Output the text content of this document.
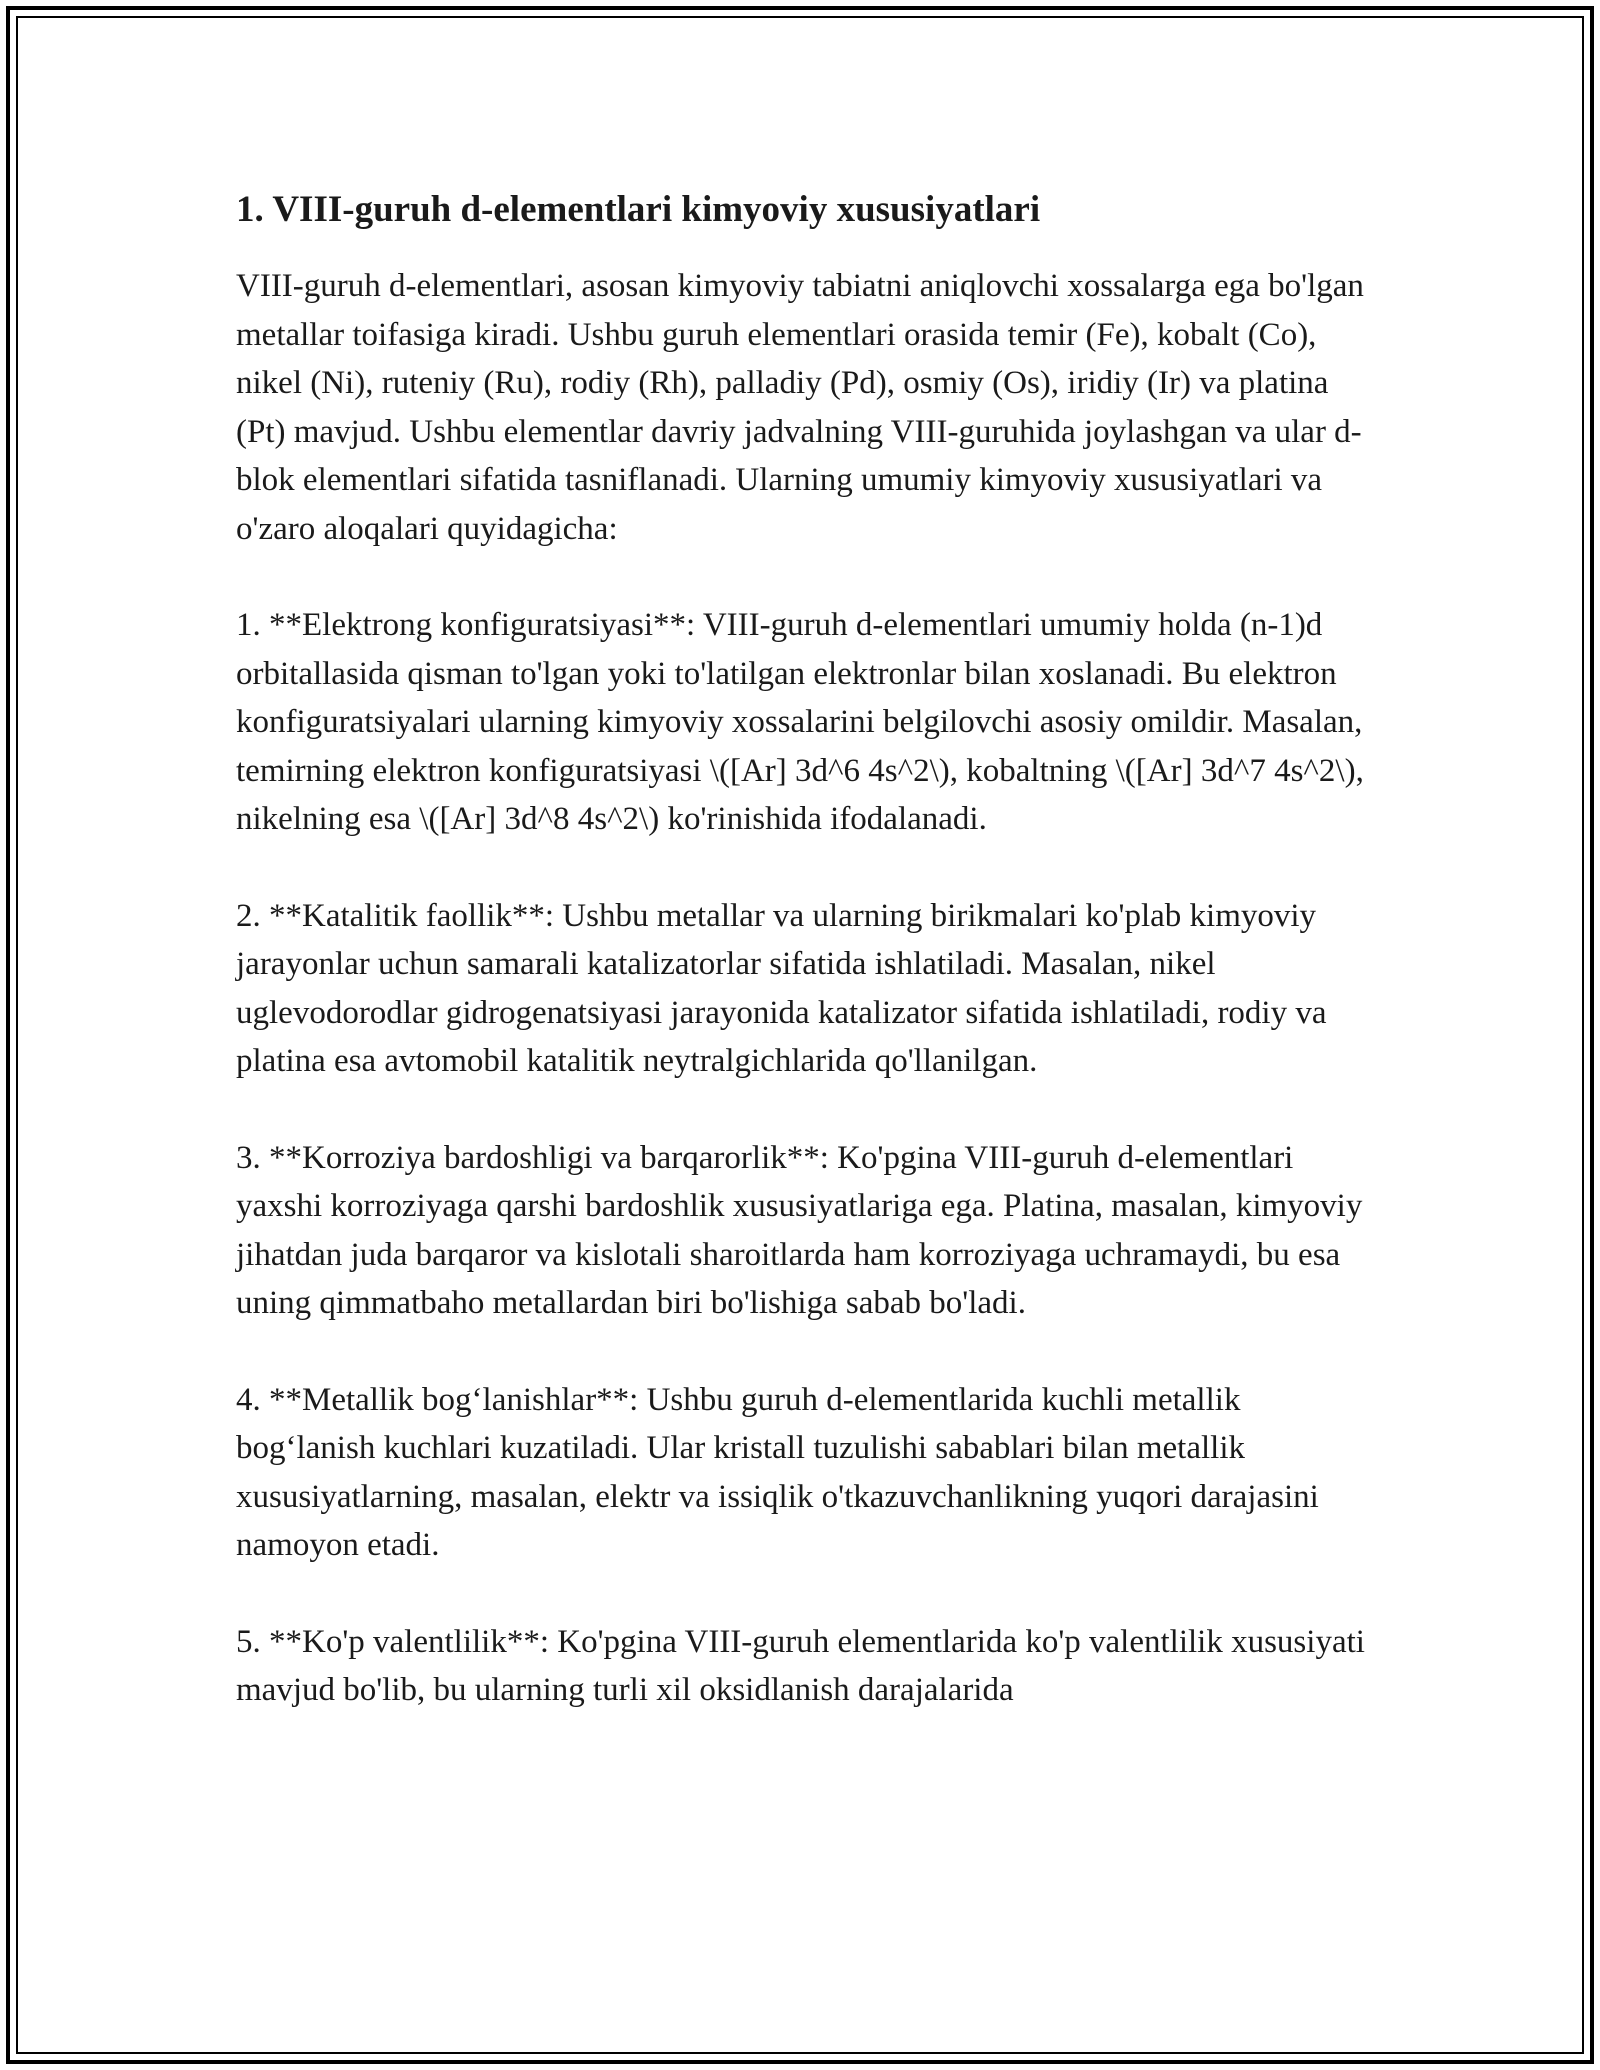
1. VIII-guruh d-elementlari kimyoviy xususiyatlari

VIII-guruh d-elementlari, asosan kimyoviy tabiatni aniqlovchi xossalarga ega bo'lgan metallar toifasiga kiradi. Ushbu guruh elementlari orasida temir (Fe), kobalt (Co), nikel (Ni), ruteniy (Ru), rodiy (Rh), palladiy (Pd), osmiy (Os), iridiy (Ir) va platina (Pt) mavjud. Ushbu elementlar davriy jadvalning VIII-guruhida joylashgan va ular d-blok elementlari sifatida tasniflanadi. Ularning umumiy kimyoviy xususiyatlari va o'zaro aloqalari quyidagicha:

1. **Elektrong konfiguratsiyasi**: VIII-guruh d-elementlari umumiy holda (n-1)d orbitallasida qisman to'lgan yoki to'latilgan elektronlar bilan xoslanadi. Bu elektron konfiguratsiyalari ularning kimyoviy xossalarini belgilovchi asosiy omildir. Masalan, temirning elektron konfiguratsiyasi \([Ar] 3d^6 4s^2\), kobaltning \([Ar] 3d^7 4s^2\), nikelning esa \([Ar] 3d^8 4s^2\) ko'rinishida ifodalanadi.

2. **Katalitik faollik**: Ushbu metallar va ularning birikmalari ko'plab kimyoviy jarayonlar uchun samarali katalizatorlar sifatida ishlatiladi. Masalan, nikel uglevodorodlar gidrogenatsiyasi jarayonida katalizator sifatida ishlatiladi, rodiy va platina esa avtomobil katalitik neytralgichlarida qo'llanilgan.

3. **Korroziya bardoshligi va barqarorlik**: Ko'pgina VIII-guruh d-elementlari yaxshi korroziyaga qarshi bardoshlik xususiyatlariga ega. Platina, masalan, kimyoviy jihatdan juda barqaror va kislotali sharoitlarda ham korroziyaga uchramaydi, bu esa uning qimmatbaho metallardan biri bo'lishiga sabab bo'ladi.

4. **Metallik bog‘lanishlar**: Ushbu guruh d-elementlarida kuchli metallik bog‘lanish kuchlari kuzatiladi. Ular kristall tuzulishi sabablari bilan metallik xususiyatlarning, masalan, elektr va issiqlik o'tkazuvchanlikning yuqori darajasini namoyon etadi.

5. **Ko'p valentlilik**: Ko'pgina VIII-guruh elementlarida ko'p valentlilik xususiyati mavjud bo'lib, bu ularning turli xil oksidlanish darajalarida
